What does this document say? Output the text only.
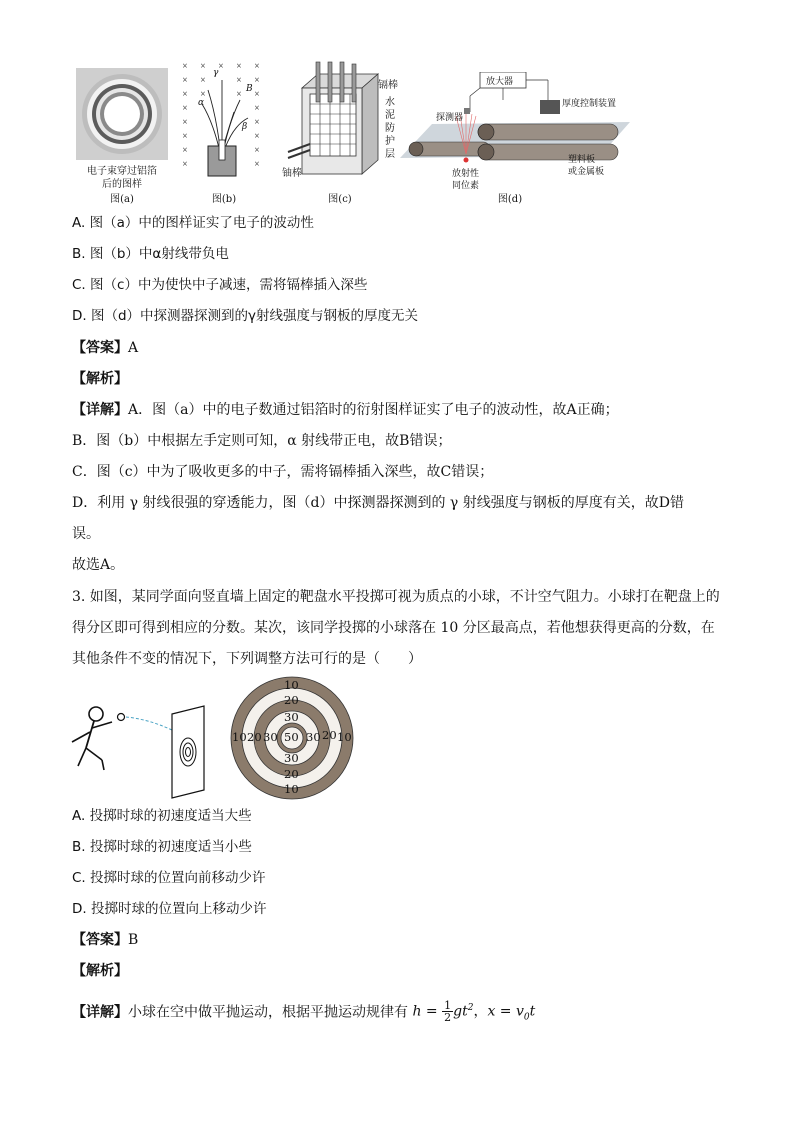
电子束穿过铝箔
后的图样
图(a)
× × × × ×
× ×	× ×
× ×	× ×
×	×
×	×
×	×
×	×
×	×
γ
α
β
B
图(b)
镉棒
水泥防护层
铀棒
图(c)
放大器
探测器
厚度控制装置
塑料板
或金属板
放射性
同位素
图(d)
A. 图（a）中的图样证实了电子的波动性
B. 图（b）中α射线带负电
C. 图（c）中为使快中子减速，需将镉棒插入深些
D. 图（d）中探测器探测到的γ射线强度与钢板的厚度无关
【答案】A
【解析】
【详解】A．图（a）中的电子数通过铝箔时的衍射图样证实了电子的波动性，故A正确；
B．图（b）中根据左手定则可知，α 射线带正电，故B错误；
C．图（c）中为了吸收更多的中子，需将镉棒插入深些，故C错误；
D．利用 γ 射线很强的穿透能力，图（d）中探测器探测到的 γ 射线强度与钢板的厚度有关，故D错
误。
故选A。
3. 如图，某同学面向竖直墙上固定的靶盘水平投掷可视为质点的小球，不计空气阻力。小球打在靶盘上的
得分区即可得到相应的分数。某次，该同学投掷的小球落在 10 分区最高点，若他想获得更高的分数，在
其他条件不变的情况下，下列调整方法可行的是（　　）
10
20
30
10 20 30 50 30 20 10
30
20
10
A. 投掷时球的初速度适当大些
B. 投掷时球的初速度适当小些
C. 投掷时球的位置向前移动少许
D. 投掷时球的位置向上移动少许
【答案】B
【解析】
【详解】小球在空中做平抛运动，根据平抛运动规律有 $h = \frac{1}{2} gt^2$，$x = v_0t$
